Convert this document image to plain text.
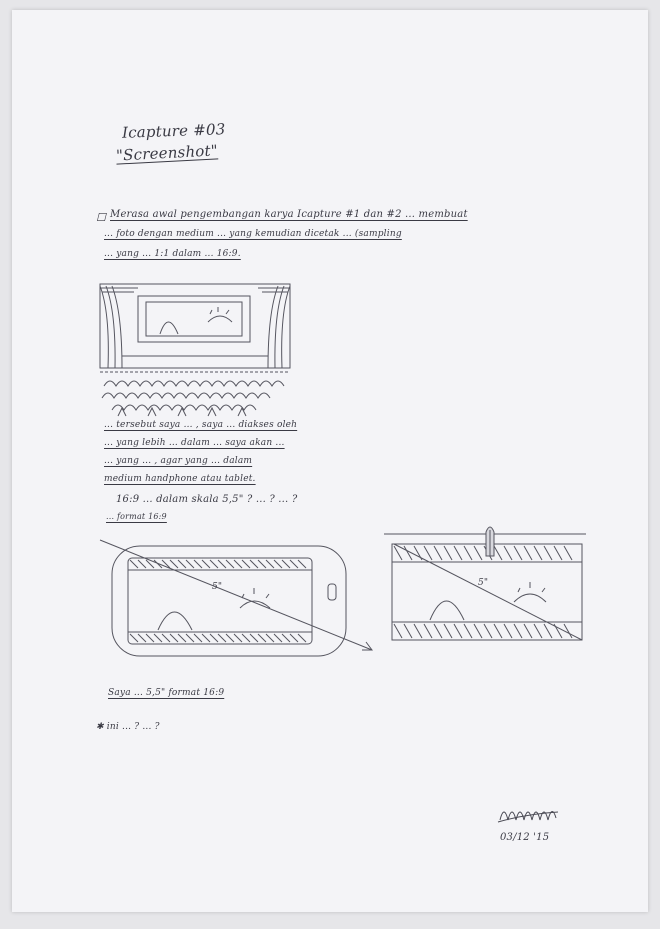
Icapture #03
"Screenshot"
☐ Merasa awal pengembangan karya Icapture #1 dan #2 ... membuat
... foto dengan medium ... yang kemudian dicetak ... (sampling
... yang ... 1:1 dalam ... 16:9.
... tersebut saya ... , saya ... diakses oleh
... yang lebih ... dalam ... saya akan ...
... yang ... , agar yang ... dalam
medium handphone atau tablet.
16:9 ... dalam skala 5,5" ? ... ? ... ?
... format 16:9
5"	5"
Saya ... 5,5" format 16:9
✱ ini ... ? ... ?
03/12 '15
